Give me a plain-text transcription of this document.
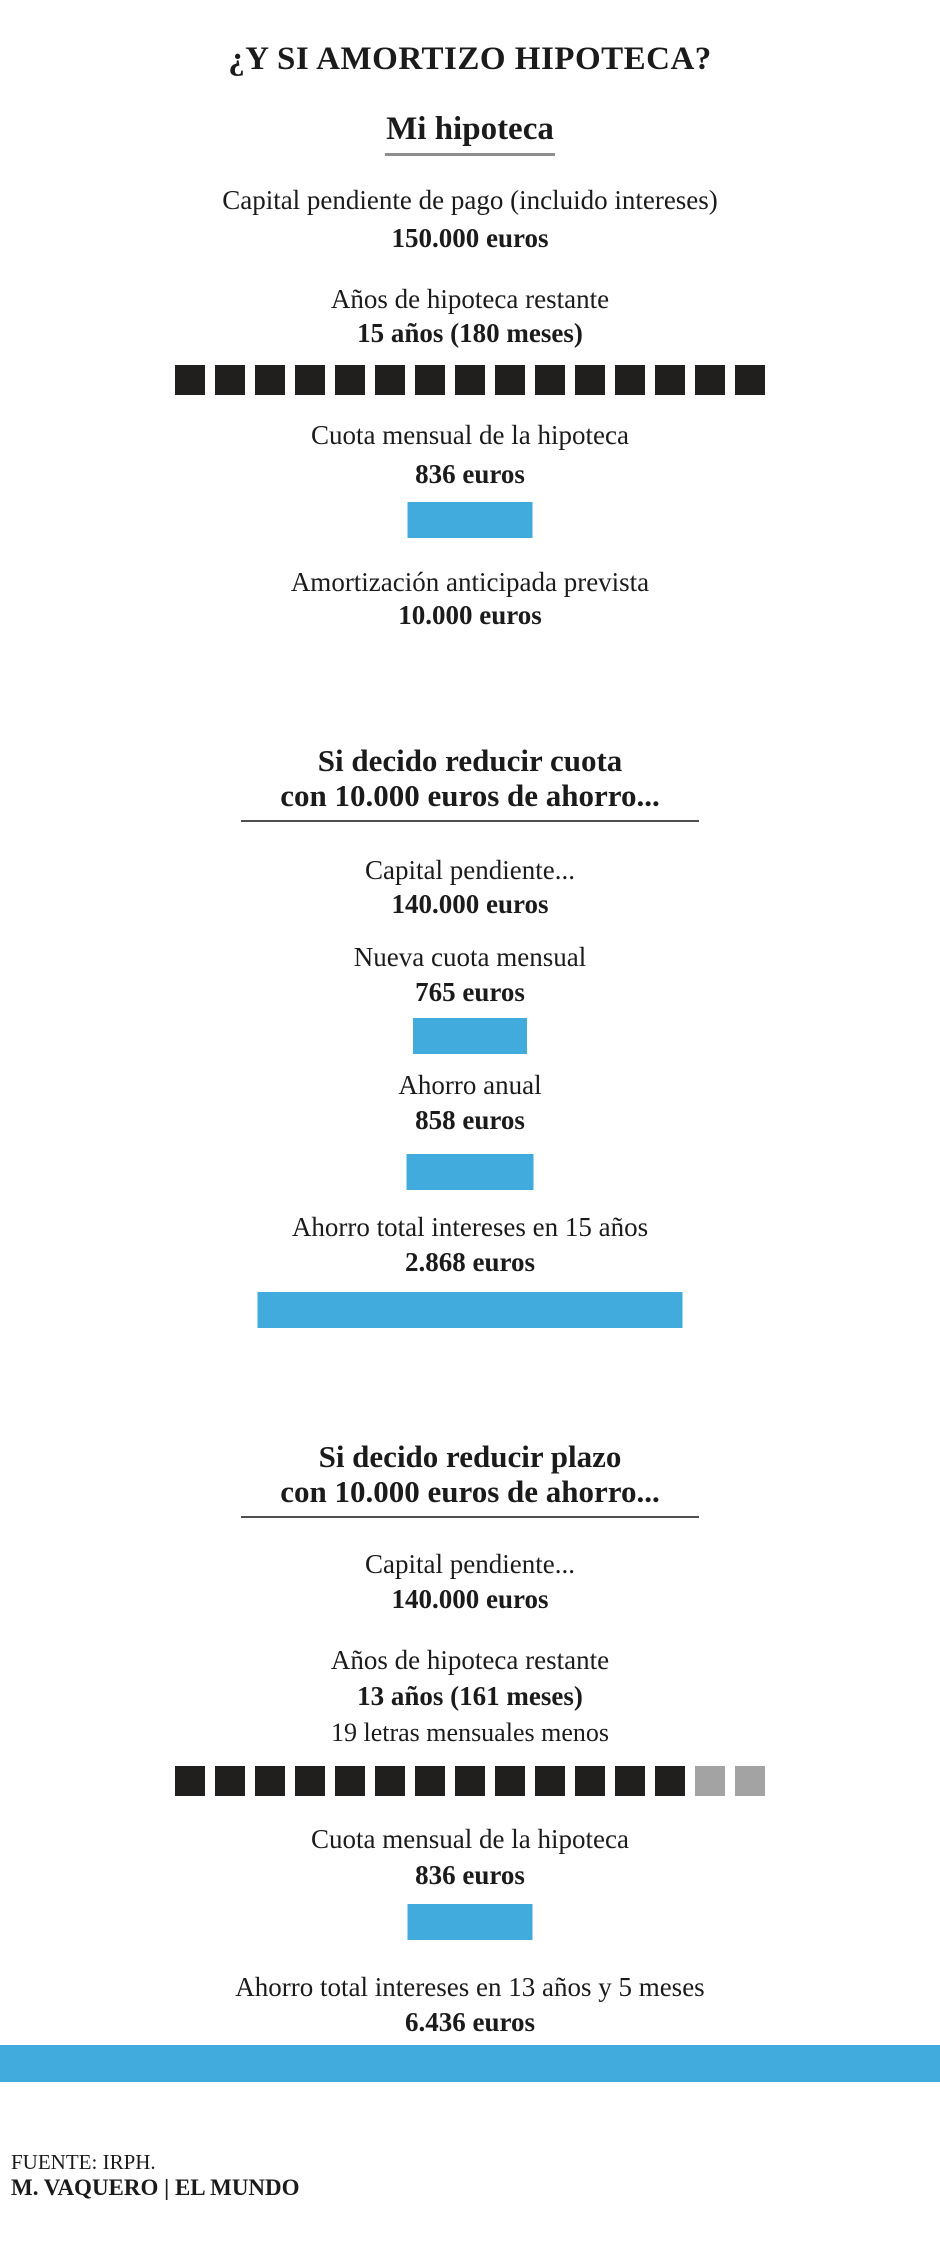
¿Y SI AMORTIZO HIPOTECA?
Mi hipoteca
Capital pendiente de pago (incluido intereses)
150.000 euros
Años de hipoteca restante
15 años (180 meses)
Cuota mensual de la hipoteca
836 euros
Amortización anticipada prevista
10.000 euros
Si decido reducir cuota
con 10.000 euros de ahorro...
Capital pendiente...
140.000 euros
Nueva cuota mensual
765 euros
Ahorro anual
858 euros
Ahorro total intereses en 15 años
2.868 euros
Si decido reducir plazo
con 10.000 euros de ahorro...
Capital pendiente...
140.000 euros
Años de hipoteca restante
13 años (161 meses)
19 letras mensuales menos
Cuota mensual de la hipoteca
836 euros
Ahorro total intereses en 13 años y 5 meses
6.436 euros
FUENTE: IRPH.
M. VAQUERO | EL MUNDO
